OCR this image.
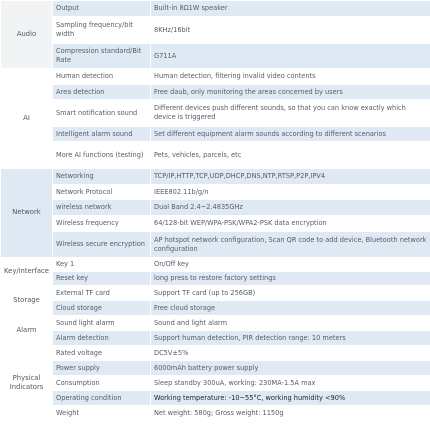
Audio	Output	Built-in 8Ω1W speaker
	Sampling frequency/bit width	8KHz/16bit
	Compression standard/Bit Rate	G711A
AI	Human detection	Human detection, filtering invalid video contents
	Area detection	Free daub, only monitoring the areas concerned by users
	Smart notification sound	Different devices push different sounds, so that you can know exactly which device is triggered
	Intelligent alarm sound	Set different equipment alarm sounds according to different scenarios
	More AI functions (testing)	Pets, vehicles, parcels, etc
Network	Networking	TCP/IP,HTTP,TCP,UDP,DHCP,DNS,NTP,RTSP,P2P,IPV4
	Network Protocol	IEEE802.11b/g/n
	wireless network	Dual Band 2.4~2.4835GHz
	Wireless frequency	64/128-bit WEP/WPA-PSK/WPA2-PSK data encryption
	Wireless secure encryption	AP hotspot network configuration, Scan QR code to add device, Bluetooth network configuration
Key/interface	Key 1	On/Off key
	Reset key	long press to restore factory settings
Storage	External TF card	Support TF card (up to 256GB)
	Cloud storage	Free cloud storage
Alarm	Sound light alarm	Sound and light alarm
	Alarm detection	Support human detection, PIR detection range: 10 meters
Physical Indicators	Rated voltage	DC5V±5%
	Power supply	6000mAh battery power supply
	Consumption	Sleep standby 300uA, working: 230MA-1.5A max
	Operating condition	Working temperature: -10~55°C, working humidity <90%
	Weight	Net weight: 580g; Gross weight: 1150g
